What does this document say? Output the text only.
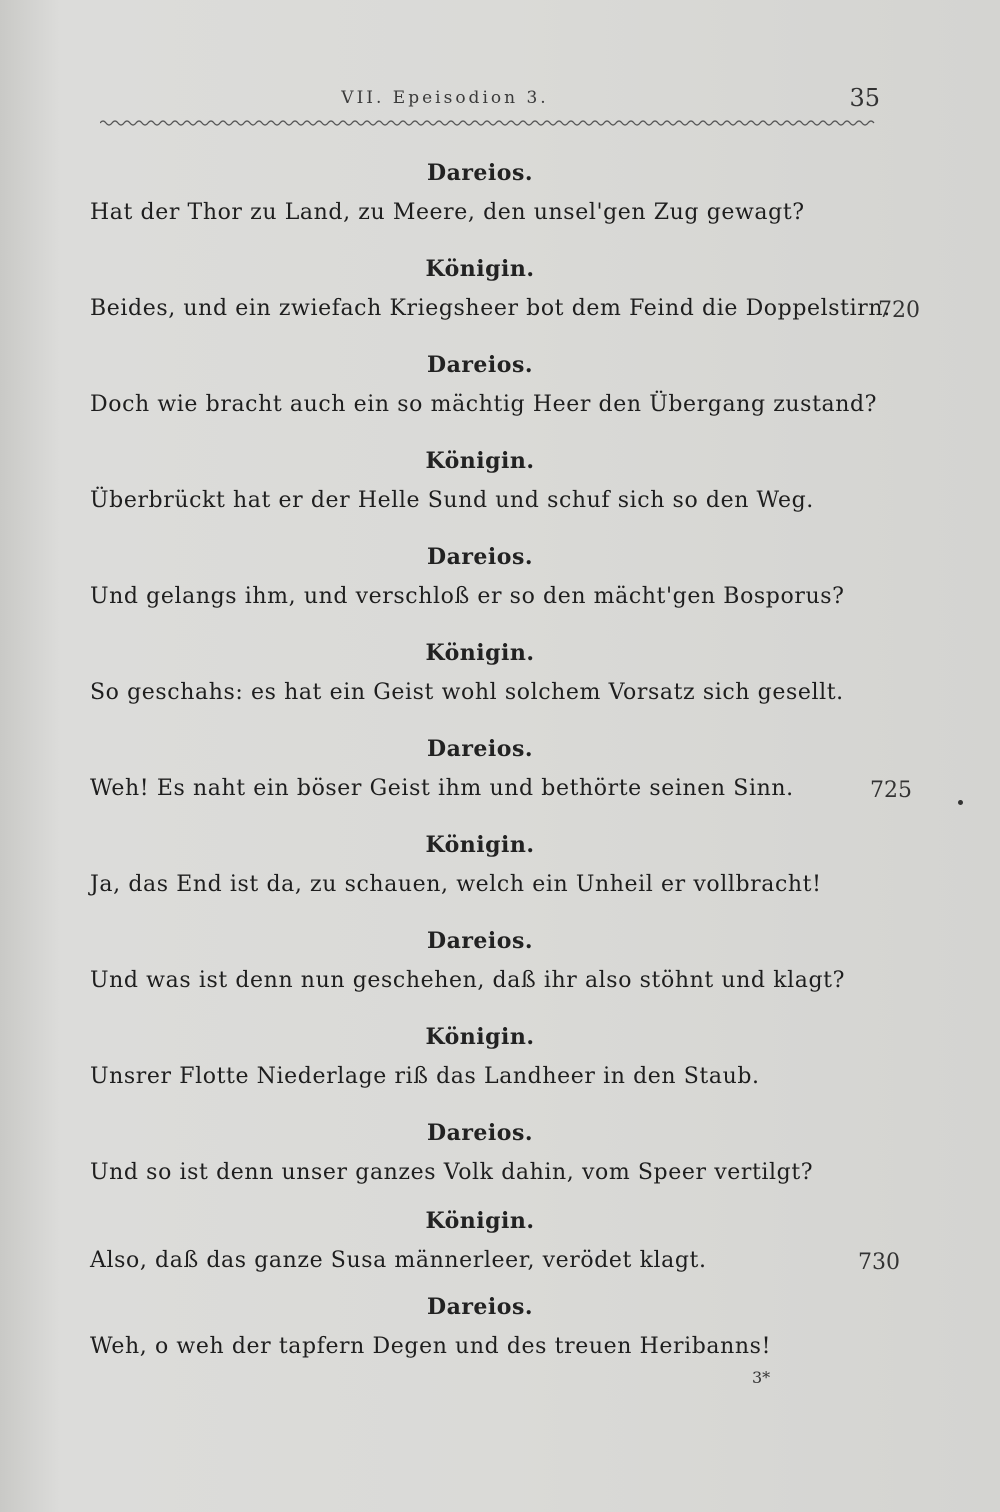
VII. Epeisodion 3.	35
Dareios.
Hat der Thor zu Land, zu Meere, den unsel'gen Zug gewagt?
Königin.
Beides, und ein zwiefach Kriegsheer bot dem Feind die Doppelstirn.
720
Dareios.
Doch wie bracht auch ein so mächtig Heer den Übergang zustand?
Königin.
Überbrückt hat er der Helle Sund und schuf sich so den Weg.
Dareios.
Und gelangs ihm, und verschloß er so den mächt'gen Bosporus?
Königin.
So geschahs: es hat ein Geist wohl solchem Vorsatz sich gesellt.
Dareios.
Weh! Es naht ein böser Geist ihm und bethörte seinen Sinn.	725
Königin.
Ja, das End ist da, zu schauen, welch ein Unheil er vollbracht!
Dareios.
Und was ist denn nun geschehen, daß ihr also stöhnt und klagt?
Königin.
Unsrer Flotte Niederlage riß das Landheer in den Staub.
Dareios.
Und so ist denn unser ganzes Volk dahin, vom Speer vertilgt?
Königin.
Also, daß das ganze Susa männerleer, verödet klagt.	730
Dareios.
Weh, o weh der tapfern Degen und des treuen Heribanns!
3*
